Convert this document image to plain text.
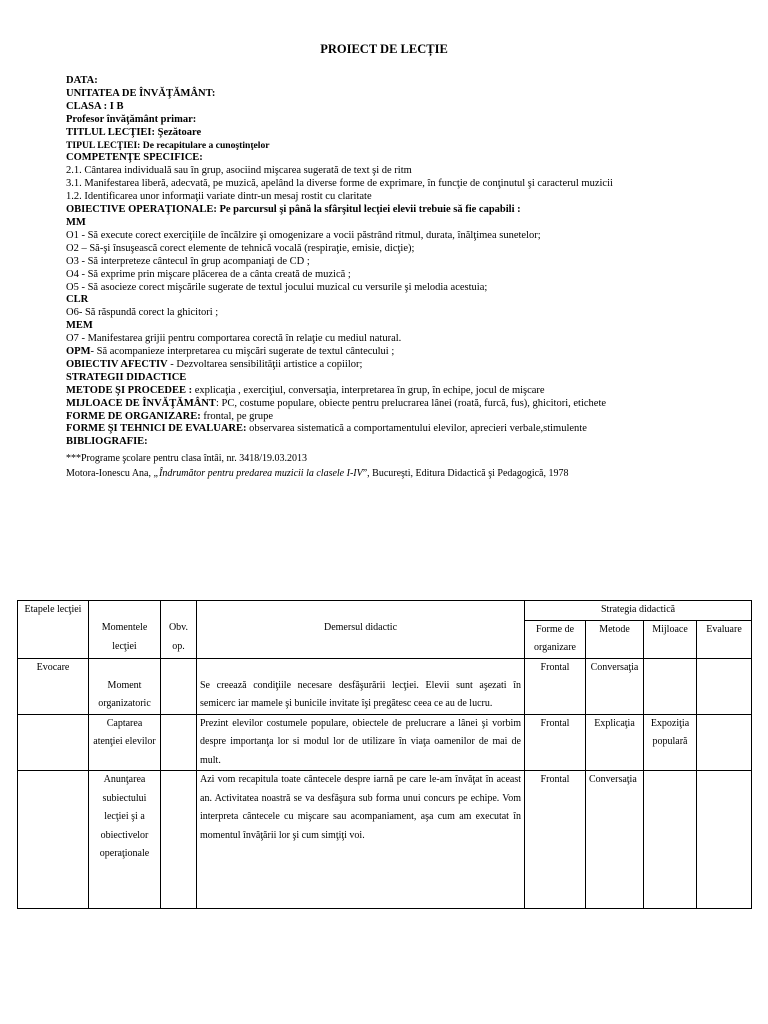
PROIECT DE LECȚIE
DATA:
UNITATEA DE ÎNVĂŢĂMÂNT:
CLASA : I B
Profesor învăţământ primar:
TITLUL LECŢIEI: Şezătoare
TIPUL LECŢIEI: De recapitulare a cunoştinţelor
COMPETENŢE SPECIFICE:
2.1. Cântarea individuală sau în grup, asociind mişcarea sugerată de text şi de ritm
3.1. Manifestarea liberă, adecvată, pe muzică, apelând la diverse forme de exprimare, în funcţie de conţinutul şi caracterul muzicii
1.2. Identificarea unor informaţii variate dintr-un mesaj rostit cu claritate
OBIECTIVE OPERAŢIONALE: Pe parcursul şi până la sfârşitul lecţiei elevii trebuie să fie capabili :
MM
O1 - Să execute corect exerciţiile de încălzire şi omogenizare a vocii păstrând ritmul, durata, înălţimea sunetelor;
O2 – Să-şi însuşească corect elemente de tehnică vocală (respiraţie, emisie, dicţie);
O3 - Să interpreteze cântecul în grup acompaniaţi de CD ;
O4 - Să exprime prin mişcare plăcerea de a cânta creată de muzică ;
O5 - Să asocieze corect mişcările sugerate de textul jocului muzical cu versurile şi melodia acestuia;
CLR
O6- Să răspundă corect la ghicitori ;
MEM
O7 - Manifestarea grijii pentru comportarea corectă în relaţie cu mediul natural.
OPM- Să acompanieze interpretarea cu mişcări sugerate de textul cântecului ;
OBIECTIV AFECTIV - Dezvoltarea sensibilităţii artistice a copiilor;
STRATEGII DIDACTICE
METODE ŞI PROCEDEE : explicaţia , exerciţiul, conversaţia, interpretarea în grup, în echipe, jocul de mişcare
MIJLOACE DE ÎNVĂŢĂMÂNT: PC, costume populare, obiecte pentru prelucrarea lânei (roată, furcă, fus), ghicitori, etichete
FORME DE ORGANIZARE: frontal, pe grupe
FORME ŞI TEHNICI DE EVALUARE: observarea sistematică a comportamentului elevilor, aprecieri verbale,stimulente
BIBLIOGRAFIE:
***Programe şcolare pentru clasa întâi, nr. 3418/19.03.2013
Motora-Ionescu Ana, „Îndrumător pentru predarea muzicii la clasele I-IV”, Bucureşti, Editura Didactică şi Pedagogică, 1978
Etapele lecţiei	Momentele lecţiei	Obv. op.	Demersul didactic	Strategia didactică			
				Forme de organizare	Metode	Mijloace	Evaluare
Evocare	Moment organizatoric		Se creează condiţiile necesare desfăşurării lecţiei. Elevii sunt aşezati în semicerc iar mamele şi bunicile invitate îşi pregătesc ceea ce au de lucru.	Frontal	Conversaţia		
	Captarea atenţiei elevilor		Prezint elevilor costumele populare, obiectele de prelucrare a lânei şi vorbim despre importanţa lor si modul lor de utilizare în viaţa oamenilor de mai de mult.	Frontal	Explicaţia	Expoziţia populară	
	Anunţarea subiectului lecţiei şi a obiectivelor operaţionale		Azi vom recapitula toate cântecele despre iarnă pe care le-am învăţat în aceast an. Activitatea noastră se va desfăşura sub forma unui concurs pe echipe. Vom interpreta cântecele cu mişcare sau acompaniament, aşa cum am executat în momentul învăţării lor şi cum simţiţi voi.	Frontal	Conversaţia		
